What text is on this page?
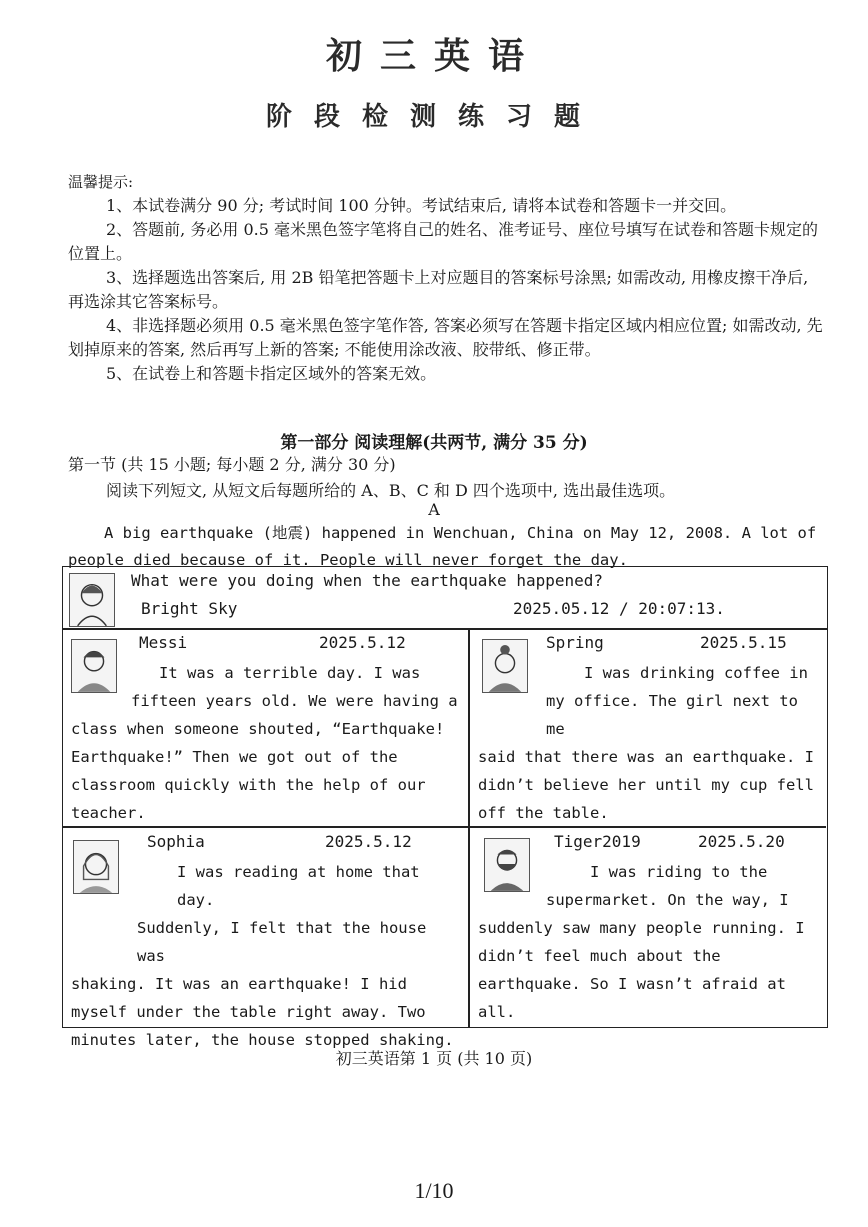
初三英语
阶段检测练习题

温馨提示:

1、本试卷满分 90 分; 考试时间 100 分钟。考试结束后, 请将本试卷和答题卡一并交回。

2、答题前, 务必用 0.5 毫米黑色签字笔将自己的姓名、准考证号、座位号填写在试卷和答题卡规定的位置上。

3、选择题选出答案后, 用 2B 铅笔把答题卡上对应题目的答案标号涂黑; 如需改动, 用橡皮擦干净后, 再选涂其它答案标号。

4、非选择题必须用 0.5 毫米黑色签字笔作答, 答案必须写在答题卡指定区域内相应位置; 如需改动, 先划掉原来的答案, 然后再写上新的答案; 不能使用涂改液、胶带纸、修正带。

5、在试卷上和答题卡指定区域外的答案无效。

第一部分 阅读理解(共两节, 满分 35 分)
第一节 (共 15 小题; 每小题 2 分, 满分 30 分)
阅读下列短文, 从短文后每题所给的 A、B、C 和 D 四个选项中, 选出最佳选项。
A

A big earthquake (地震) happened in Wenchuan, China on May 12, 2008. A lot of people died because of it. People will never forget the day.

What were you doing when the earthquake happened?
Bright Sky	2025.05.12 / 20:07:13.
Messi	2025.5.12

It was a terrible day. I was

fifteen years old. We were having a

class when someone shouted, “Earthquake!

Earthquake!” Then we got out of the

classroom quickly with the help of our

teacher.

Spring	2025.5.15

I was drinking coffee in

my office. The girl next to me

said that there was an earthquake. I

didn’t believe her until my cup fell

off the table.

Sophia	2025.5.12

I was reading at home that day.

Suddenly, I felt that the house was

shaking. It was an earthquake! I hid

myself under the table right away. Two

minutes later, the house stopped shaking.

Tiger2019	2025.5.20

I was riding to the

supermarket. On the way, I

suddenly saw many people running. I

didn’t feel much about the

earthquake. So I wasn’t afraid at

all.

初三英语第 1 页 (共 10 页)
1/10
